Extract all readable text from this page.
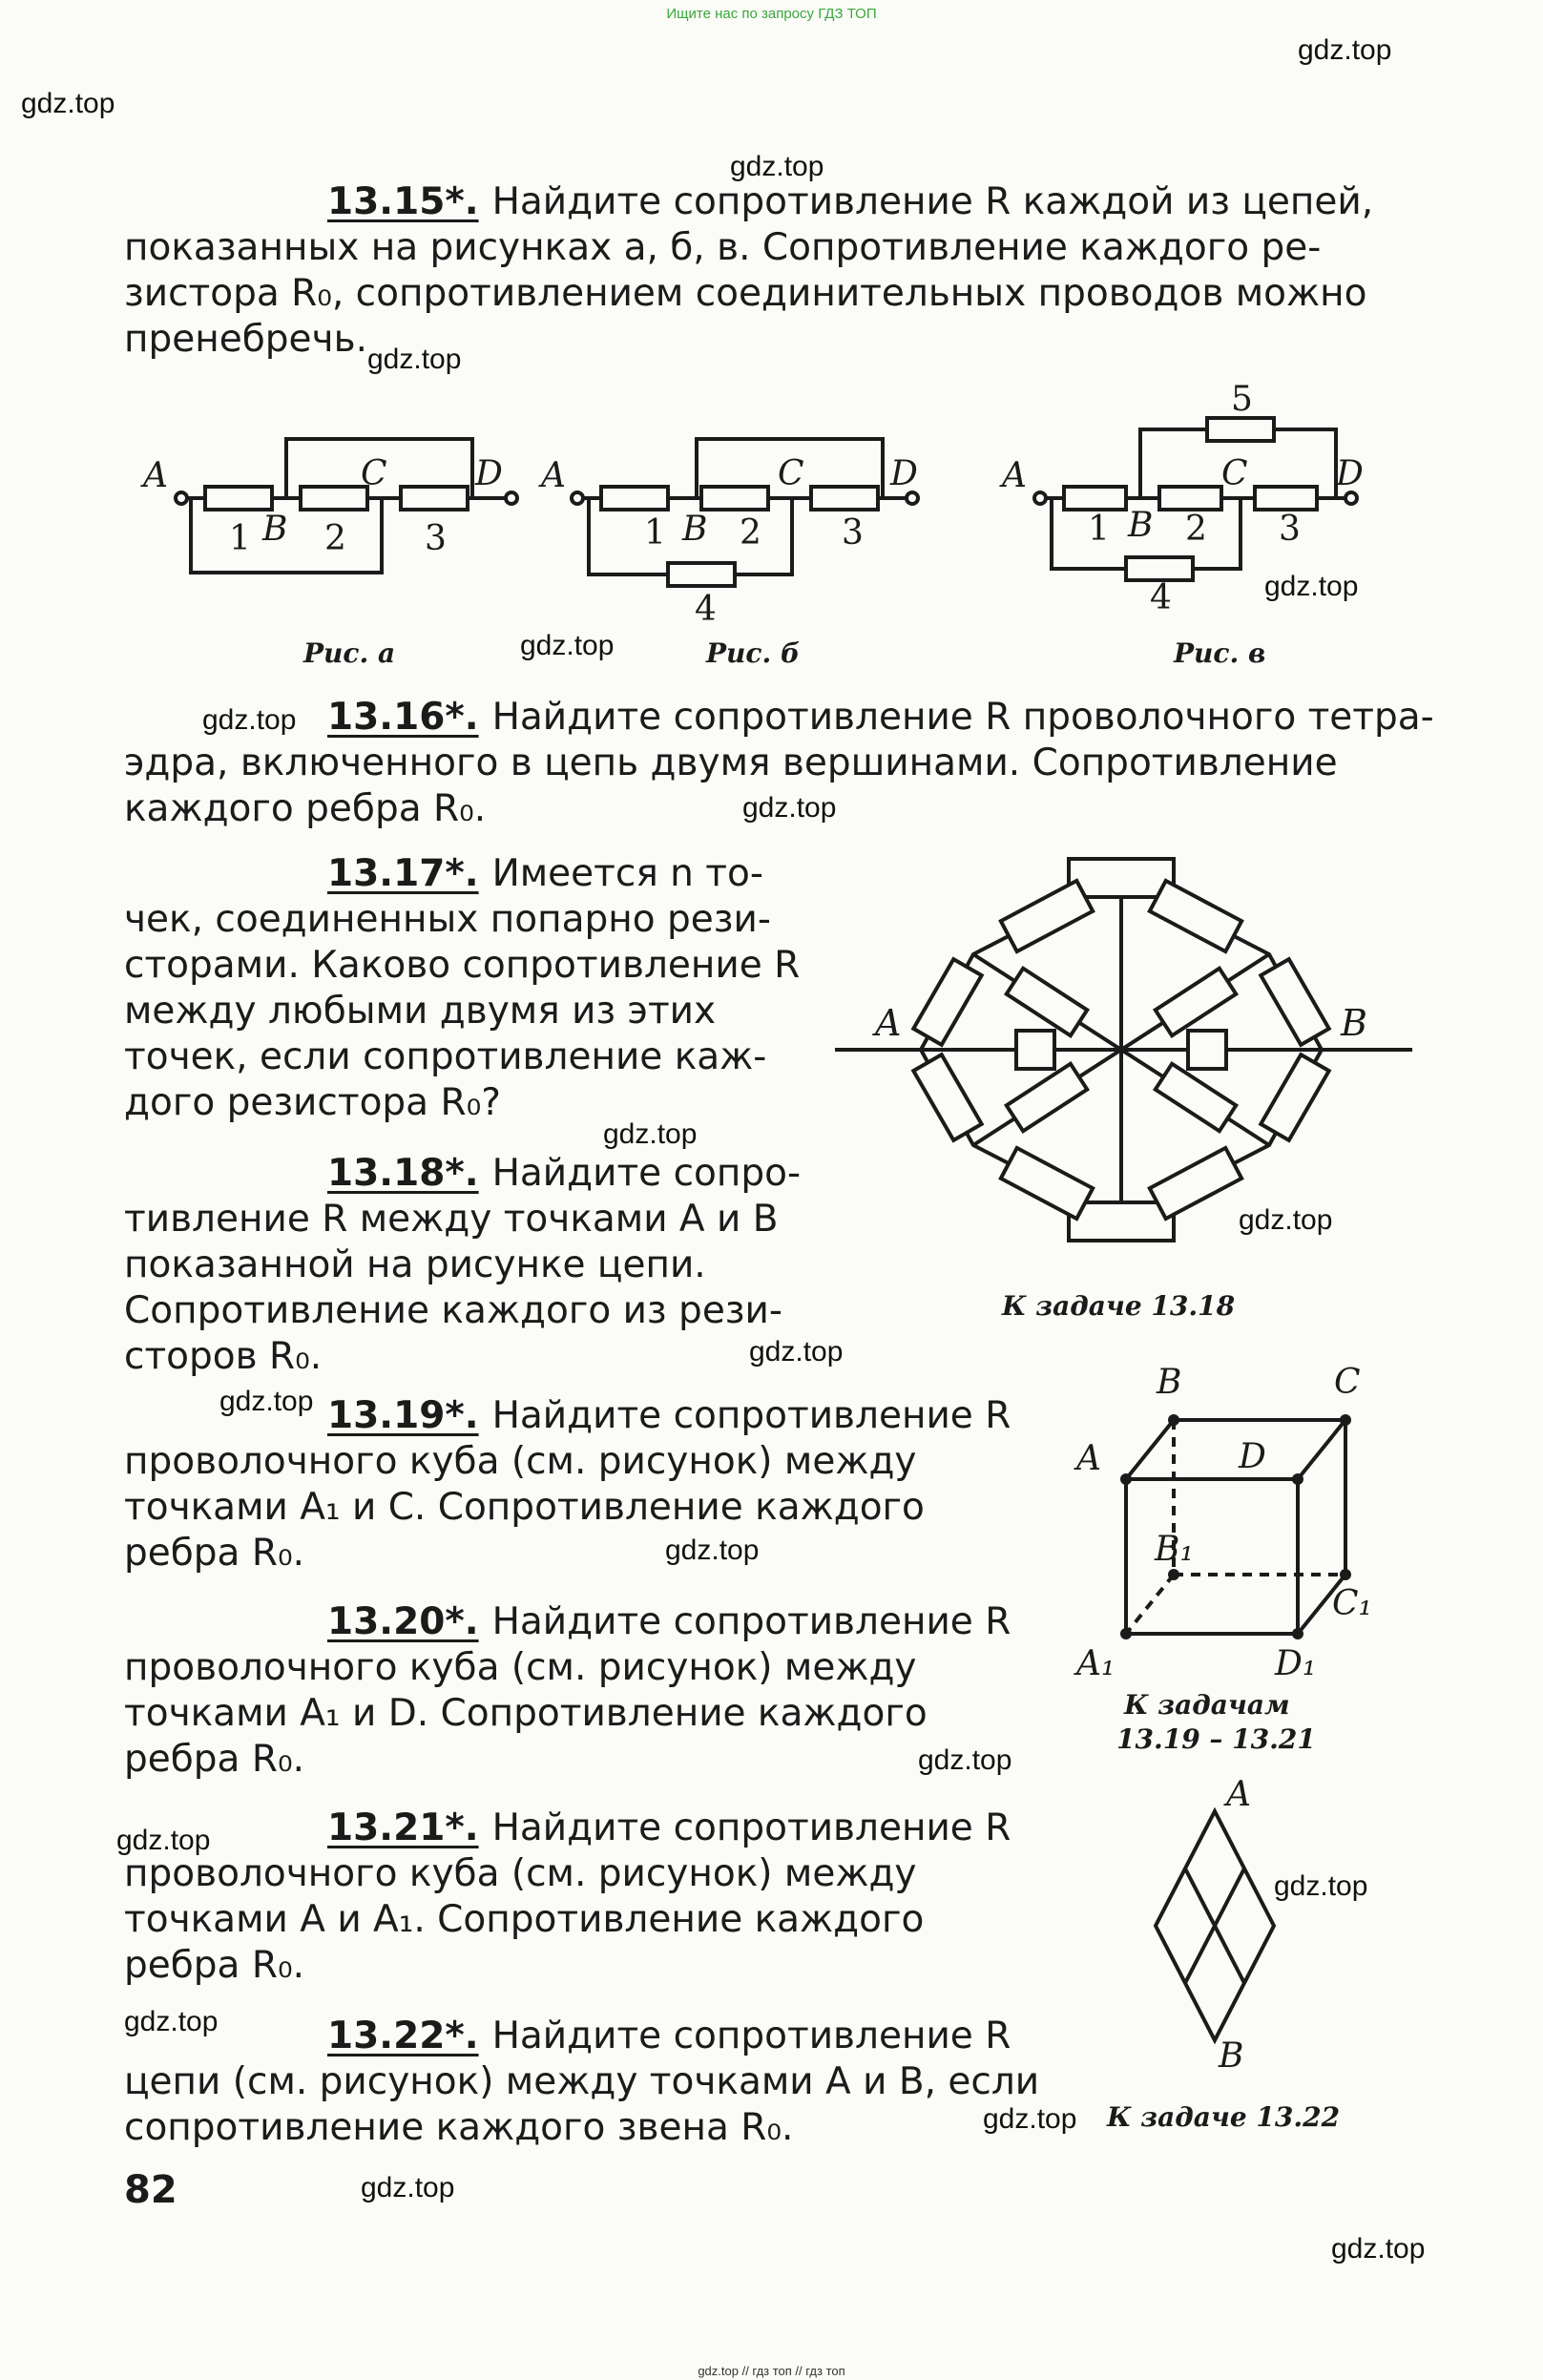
Ищите нас по запросу ГДЗ ТОП
gdz.top
gdz.top
gdz.top
gdz.top
gdz.top
gdz.top
gdz.top
gdz.top
gdz.top
gdz.top
gdz.top
gdz.top
gdz.top
gdz.top
gdz.top
gdz.top
gdz.top
gdz.top
gdz.top
gdz.top
13.15*. Найдите сопротивление R каждой из цепей,
показанных на рисунках а, б, в. Сопротивление каждого ре-
зистора R₀, сопротивлением соединительных проводов можно
пренебречь.
A
B
C	D A
B
C	D A
B
C	D
1 2 3	1 2 3
4
1 2 3
4
5
Рис. а	Рис. б	Рис. в
13.16*. Найдите сопротивление R проволочного тетра-
эдра, включенного в цепь двумя вершинами. Сопротивление
каждого ребра R₀.
13.17*. Имеется n то-
чек, соединенных попарно рези-
сторами. Каково сопротивление R
между любыми двумя из этих
точек, если сопротивление каж-
дого резистора R₀?
13.18*. Найдите сопро-
тивление R между точками A и B
показанной на рисунке цепи.
Сопротивление каждого из рези-
сторов R₀.
A	B
К задаче 13.18
13.19*. Найдите сопротивление R
проволочного куба (см. рисунок) между
точками A₁ и C. Сопротивление каждого
ребра R₀.
13.20*. Найдите сопротивление R
проволочного куба (см. рисунок) между
точками A₁ и D. Сопротивление каждого
ребра R₀.
A
B	C
D
A₁
B₁
C₁
D₁
К задачам
13.19 – 13.21
13.21*. Найдите сопротивление R
проволочного куба (см. рисунок) между
точками A и A₁. Сопротивление каждого
ребра R₀.
A
B
К задаче 13.22
13.22*. Найдите сопротивление R
цепи (см. рисунок) между точками A и B, если
сопротивление каждого звена R₀.
82
gdz.top // гдз топ // гдз топ
